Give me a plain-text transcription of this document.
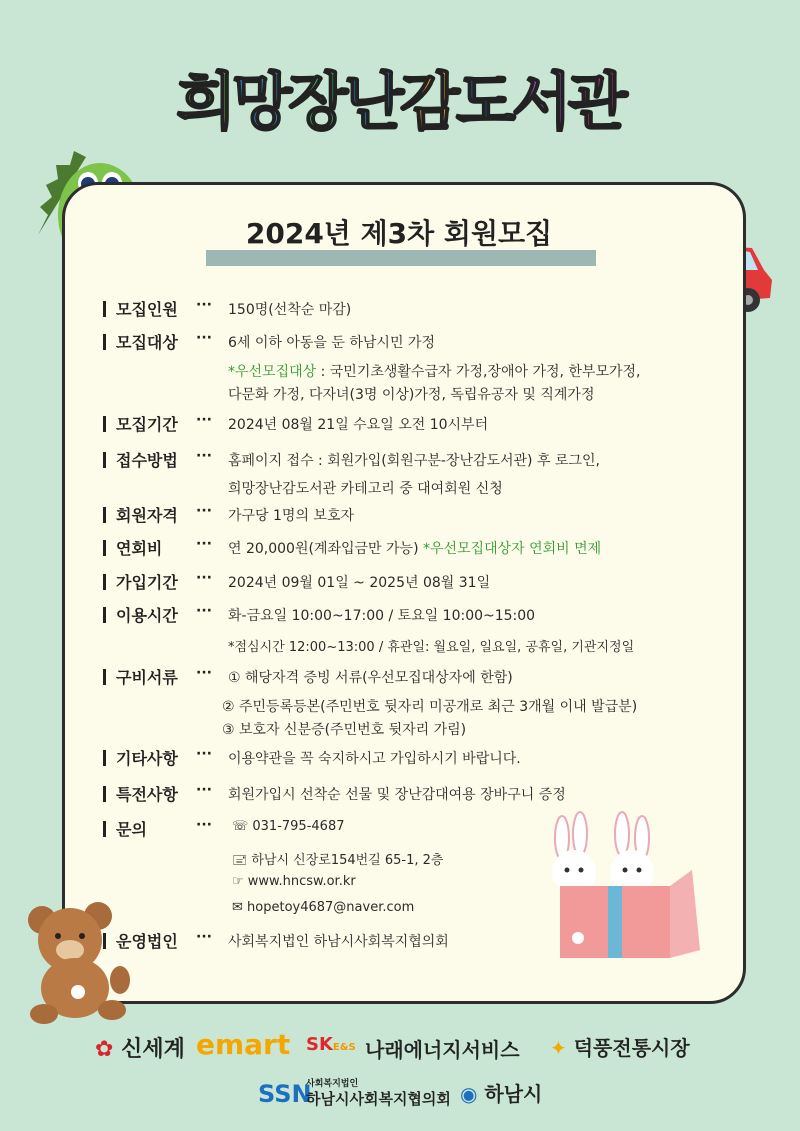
희망장난감도서관
2024년 제3차 회원모집
모집인원 ··· 150명(선착순 마감)
모집대상 ··· 6세 이하 아동을 둔 하남시민 가정
*우선모집대상 : 국민기초생활수급자 가정,장애아 가정, 한부모가정,
다문화 가정, 다자녀(3명 이상)가정, 독립유공자 및 직계가정
모집기간 ··· 2024년 08월 21일 수요일 오전 10시부터
접수방법 ··· 홈페이지 접수 : 회원가입(회원구분-장난감도서관) 후 로그인,
희망장난감도서관 카테고리 중 대여회원 신청
회원자격 ··· 가구당 1명의 보호자
연회비 ··· 연 20,000원(계좌입금만 가능) *우선모집대상자 연회비 면제
가입기간 ··· 2024년 09월 01일 ~ 2025년 08월 31일
이용시간 ··· 화-금요일 10:00~17:00 / 토요일 10:00~15:00
*점심시간 12:00~13:00 / 휴관일: 월요일, 일요일, 공휴일, 기관지정일
구비서류 ··· ① 해당자격 증빙 서류(우선모집대상자에 한함)
② 주민등록등본(주민번호 뒷자리 미공개로 최근 3개월 이내 발급분)
③ 보호자 신분증(주민번호 뒷자리 가림)
기타사항 ··· 이용약관을 꼭 숙지하시고 가입하시기 바랍니다.
특전사항 ··· 회원가입시 선착순 선물 및 장난감대여용 장바구니 증정
문의	··· ☏ 031-795-4687
🖃 하남시 신장로154번길 65-1, 2층
☞ www.hncsw.or.kr
✉ hopetoy4687@naver.com
운영법인 ··· 사회복지법인 하남시사회복지협의회
✿ 신세계 emart SKE&S 나래에너지서비스 ✦ 덕풍전통시장
SSN
사회복지법인
하남시사회복지협의회 ◉ 하남시
